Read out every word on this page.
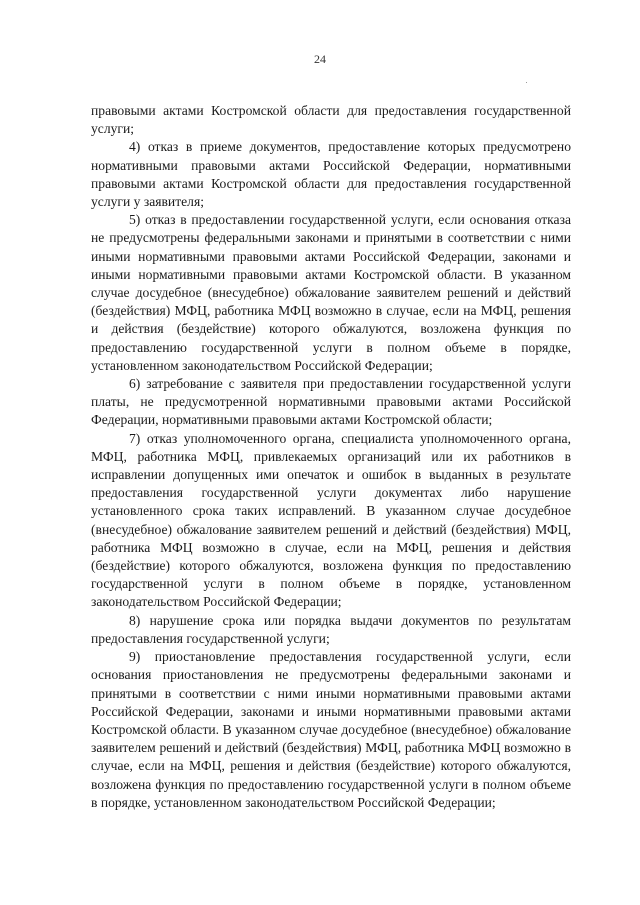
24

правовыми актами Костромской области для предоставления государственной услуги;

4) отказ в приеме документов, предоставление которых предусмотрено нормативными правовыми актами Российской Федерации, нормативными правовыми актами Костромской области для предоставления государственной услуги у заявителя;

5) отказ в предоставлении государственной услуги, если основания отказа не предусмотрены федеральными законами и принятыми в соответствии с ними иными нормативными правовыми актами Российской Федерации, законами и иными нормативными правовыми актами Костромской области. В указанном случае досудебное (внесудебное) обжалование заявителем решений и действий (бездействия) МФЦ, работника МФЦ возможно в случае, если на МФЦ, решения и действия (бездействие) которого обжалуются, возложена функция по предоставлению государственной услуги в полном объеме в порядке, установленном законодательством Российской Федерации;

6) затребование с заявителя при предоставлении государственной услуги платы, не предусмотренной нормативными правовыми актами Российской Федерации, нормативными правовыми актами Костромской области;

7) отказ уполномоченного органа, специалиста уполномоченного органа, МФЦ, работника МФЦ, привлекаемых организаций или их работников в исправлении допущенных ими опечаток и ошибок в выданных в результате предоставления государственной услуги документах либо нарушение установленного срока таких исправлений. В указанном случае досудебное (внесудебное) обжалование заявителем решений и действий (бездействия) МФЦ, работника МФЦ возможно в случае, если на МФЦ, решения и действия (бездействие) которого обжалуются, возложена функция по предоставлению государственной услуги в полном объеме в порядке, установленном законодательством Российской Федерации;

8) нарушение срока или порядка выдачи документов по результатам предоставления государственной услуги;

9) приостановление предоставления государственной услуги, если основания приостановления не предусмотрены федеральными законами и принятыми в соответствии с ними иными нормативными правовыми актами Российской Федерации, законами и иными нормативными правовыми актами Костромской области. В указанном случае досудебное (внесудебное) обжалование заявителем решений и действий (бездействия) МФЦ, работника МФЦ возможно в случае, если на МФЦ, решения и действия (бездействие) которого обжалуются, возложена функция по предоставлению государственной услуги в полном объеме в порядке, установленном законодательством Российской Федерации;
